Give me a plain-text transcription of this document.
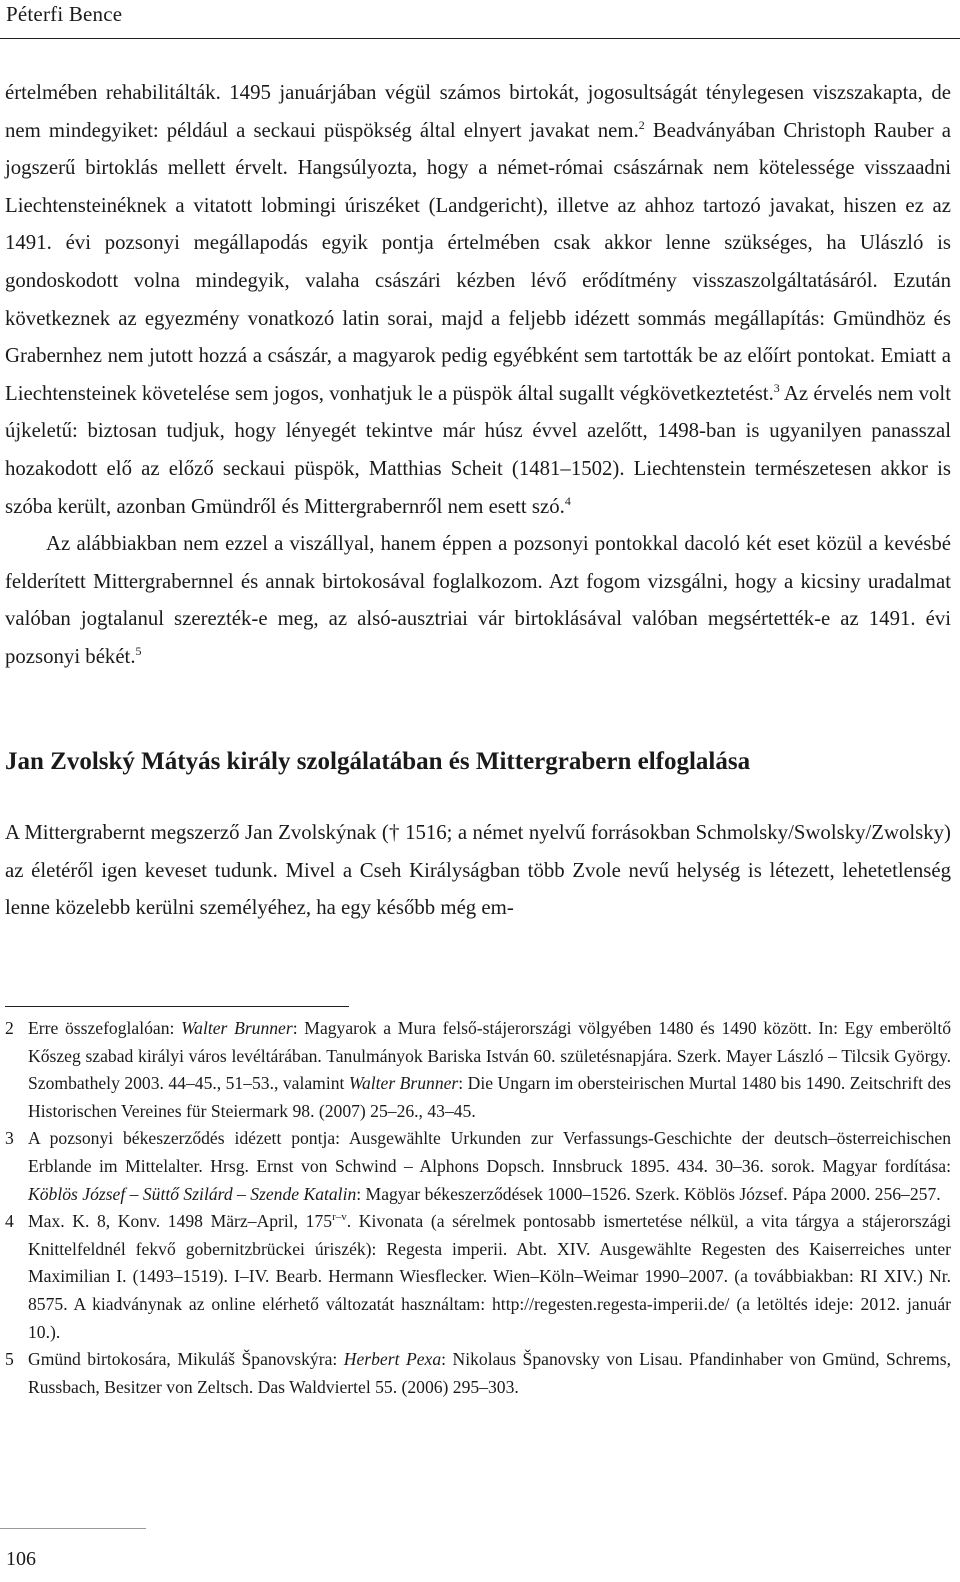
Péterfi Bence

értelmében rehabilitálták. 1495 januárjában végül számos birtokát, jogosultságát ténylegesen viszszakapta, de nem mindegyiket: például a seckaui püspökség által elnyert javakat nem.$^2$ Beadványában Christoph Rauber a jogszerű birtoklás mellett érvelt. Hangsúlyozta, hogy a német-római császárnak nem kötelessége visszaadni Liechtensteinéknek a vitatott lobmingi úriszéket (Landgericht), illetve az ahhoz tartozó javakat, hiszen ez az 1491. évi pozsonyi megállapodás egyik pontja értelmében csak akkor lenne szükséges, ha Ulászló is gondoskodott volna mindegyik, valaha császári kézben lévő erődítmény visszaszolgáltatásáról. Ezután következnek az egyezmény vonatkozó latin sorai, majd a feljebb idézett sommás megállapítás: Gmündhöz és Grabernhez nem jutott hozzá a császár, a magyarok pedig egyébként sem tartották be az előírt pontokat. Emiatt a Liechtensteinek követelése sem jogos, vonhatjuk le a püspök által sugallt végkövetkeztetést.$^3$ Az érvelés nem volt újkeletű: biztosan tudjuk, hogy lényegét tekintve már húsz évvel azelőtt, 1498-ban is ugyanilyen panasszal hozakodott elő az előző seckaui püspök, Matthias Scheit (1481–1502). Liechtenstein természetesen akkor is szóba került, azonban Gmündről és Mittergrabernről nem esett szó.$^4$

Az alábbiakban nem ezzel a viszállyal, hanem éppen a pozsonyi pontokkal dacoló két eset közül a kevésbé felderített Mittergrabernnel és annak birtokosával foglalkozom. Azt fogom vizsgálni, hogy a kicsiny uradalmat valóban jogtalanul szerezték-e meg, az alsó-ausztriai vár birtoklásával valóban megsértették-e az 1491. évi pozsonyi békét.$^5$

Jan Zvolský Mátyás király szolgálatában és Mittergrabern elfoglalása

A Mittergrabernt megszerző Jan Zvolskýnak († 1516; a német nyelvű forrásokban Schmolsky/Swolsky/Zwolsky) az életéről igen keveset tudunk. Mivel a Cseh Királyságban több Zvole nevű helység is létezett, lehetetlenség lenne közelebb kerülni személyéhez, ha egy később még em-

2 Erre összefoglalóan: Walter Brunner: Magyarok a Mura felső-stájerországi völgyében 1480 és 1490 között. In: Egy emberöltő Kőszeg szabad királyi város levéltárában. Tanulmányok Bariska István 60. születésnapjára. Szerk. Mayer László – Tilcsik György. Szombathely 2003. 44–45., 51–53., valamint Walter Brunner: Die Ungarn im obersteirischen Murtal 1480 bis 1490. Zeitschrift des Historischen Vereines für Steiermark 98. (2007) 25–26., 43–45.
3 A pozsonyi békeszerződés idézett pontja: Ausgewählte Urkunden zur Verfassungs-Geschichte der deutsch–österreichischen Erblande im Mittelalter. Hrsg. Ernst von Schwind – Alphons Dopsch. Innsbruck 1895. 434. 30–36. sorok. Magyar fordítása: Köblös József – Süttő Szilárd – Szende Katalin: Magyar békeszerződések 1000–1526. Szerk. Köblös József. Pápa 2000. 256–257.
4 Max. K. 8, Konv. 1498 März–April, 175$^{r-v}$. Kivonata (a sérelmek pontosabb ismertetése nélkül, a vita tárgya a stájerországi Knittelfeldnél fekvő gobernitzbrückei úriszék): Regesta imperii. Abt. XIV. Ausgewählte Regesten des Kaiserreiches unter Maximilian I. (1493–1519). I–IV. Bearb. Hermann Wiesflecker. Wien–Köln–Weimar 1990–2007. (a továbbiakban: RI XIV.) Nr. 8575. A kiadványnak az online elérhető változatát használtam: http://regesten.regesta-imperii.de/ (a letöltés ideje: 2012. január 10.).
5 Gmünd birtokosára, Mikuláš Španovskýra: Herbert Pexa: Nikolaus Španovsky von Lisau. Pfandinhaber von Gmünd, Schrems, Russbach, Besitzer von Zeltsch. Das Waldviertel 55. (2006) 295–303.
106
